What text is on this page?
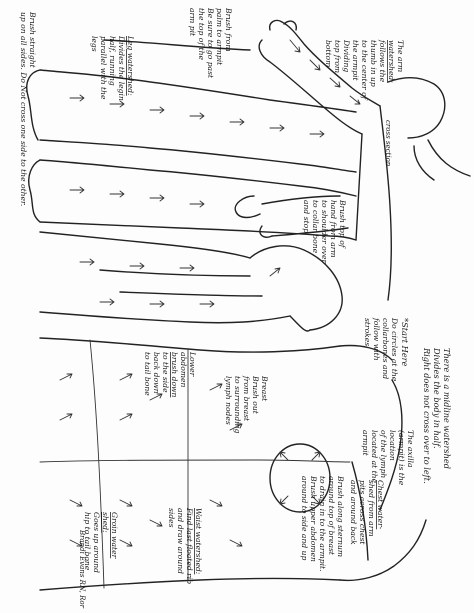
The arm
watershed:
follows the
thumb in up
to the center of
the armpit
Dividing
top from
bottom
Brush from
palm to armpit
Be sure to go past
the top of the
arm pit
Leg watershed:
Divides the legin
half, running
parallel with the
legs
Brush straight
up on all sides. Do Not cross one side to the other.	cross section
Brush top of
hand from arm
to shoulder over
to collar bone
and stop
There is a midline watershed
Divides the body in half.
Right does not cross over to left.
*Start Here
Do circles at the
collarbones and
follow with
strokes
The axilla
(armpit) is the
location
of the lymph
located at the
armpit
Lower
abdomen
brush down
to the side
back down
to tail bone	Breast
Brush out
from breast
to surrounding
lymph nodes
Brush along sternum
around top of breast
to drain in to the armpit.
Brush upper abdomen
around to side and up	Chest water-
shed from arm
pits across chest
and around back
Waist watershed:
Find last floated rib
and draw around
sides
Groin water
shed:
Goes up around
hip to tail bone
Brandi Evans RN, Ror
